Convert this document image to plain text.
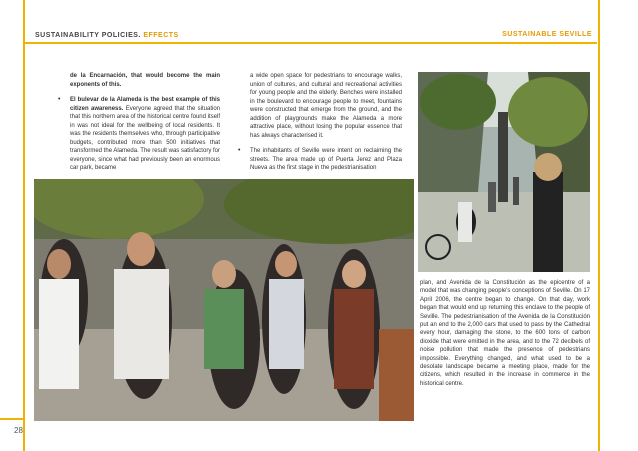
SUSTAINABILITY POLICIES. EFFECTS	SUSTAINABLE SEVILLE

de la Encarnación, that would become the main exponents of this.

• El bulevar de la Alameda is the best example of this citizen awareness. Everyone agreed that the situation that this northern area of the historical centre found itself in was not ideal for the wellbeing of local residents. It was the residents themselves who, through participative budgets, contributed more than 500 initiatives that transformed the Alameda. The result was satisfactory for everyone, since what had previously been an enormous car park, became

a wide open space for pedestrians to encourage walks, union of cultures, and cultural and recreational activities for young people and the elderly. Benches were installed in the boulevard to encourage people to meet, fountains were constructed that emerge from the ground, and the addition of playgrounds make the Alameda a more attractive place, without losing the popular essence that has always characterised it.

• The inhabitants of Seville were intent on reclaiming the streets. The area made up of Puerta Jerez and Plaza Nueva as the first stage in the pedestrianisation

plan, and Avenida de la Constitución as the epicentre of a model that was changing people's conceptions of Seville. On 17 April 2006, the centre began to change. On that day, work began that would end up returning this enclave to the people of Seville. The pedestrianisation of the Avenida de la Constitución put an end to the 2,000 cars that used to pass by the Cathedral every hour, damaging the stone, to the 600 tons of carbon dioxide that were emitted in the area, and to the 72 decibels of noise pollution that made the presence of pedestrians impossible. Everything changed, and what used to be a desolate landscape became a meeting place, made for the citizens, which resulted in the increase in commerce in the historical centre.
28
